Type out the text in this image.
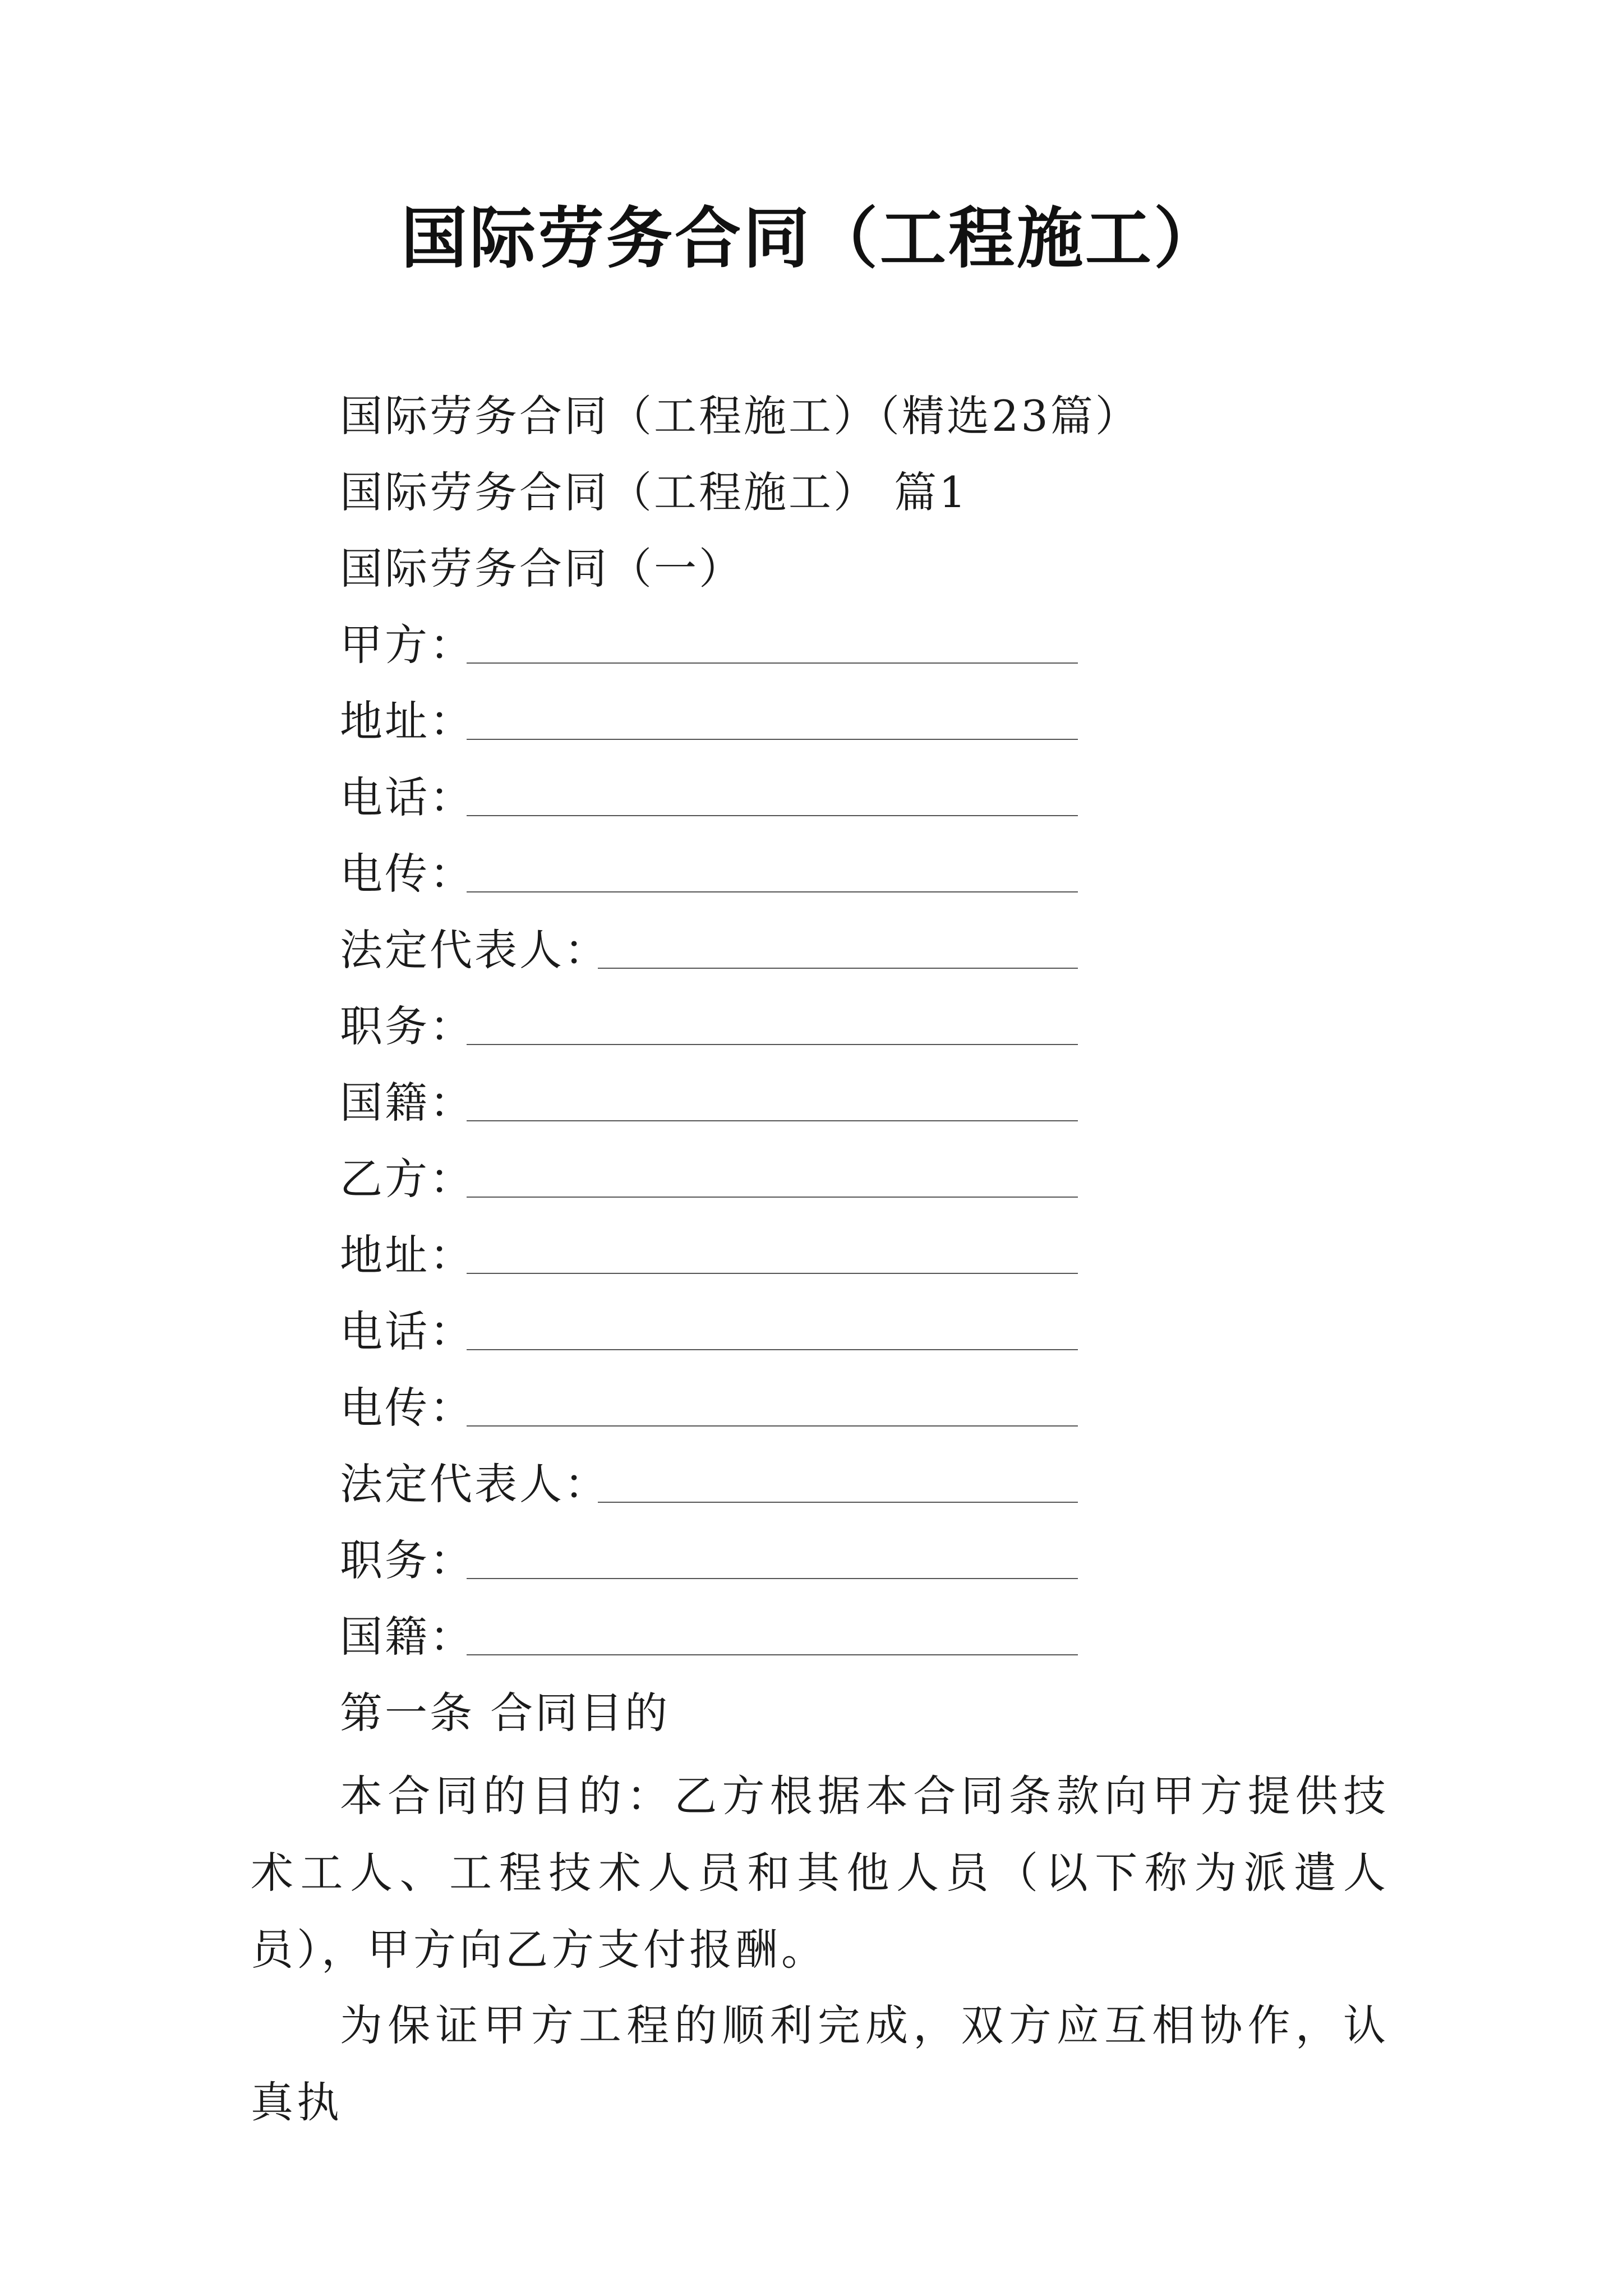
国际劳务合同（工程施工）
国际劳务合同（工程施工）（精选23篇）
国际劳务合同（工程施工） 篇1
国际劳务合同（一）
甲方：
地址：
电话：
电传：
法定代表人：
职务：
国籍：
乙方：
地址：
电话：
电传：
法定代表人：
职务：
国籍：
第一条 合同目的
本合同的目的：乙方根据本合同条款向甲方提供技术工人、工程技术人员和其他人员（以下称为派遣人员），甲方向乙方支付报酬。
为保证甲方工程的顺利完成，双方应互相协作，认真执
